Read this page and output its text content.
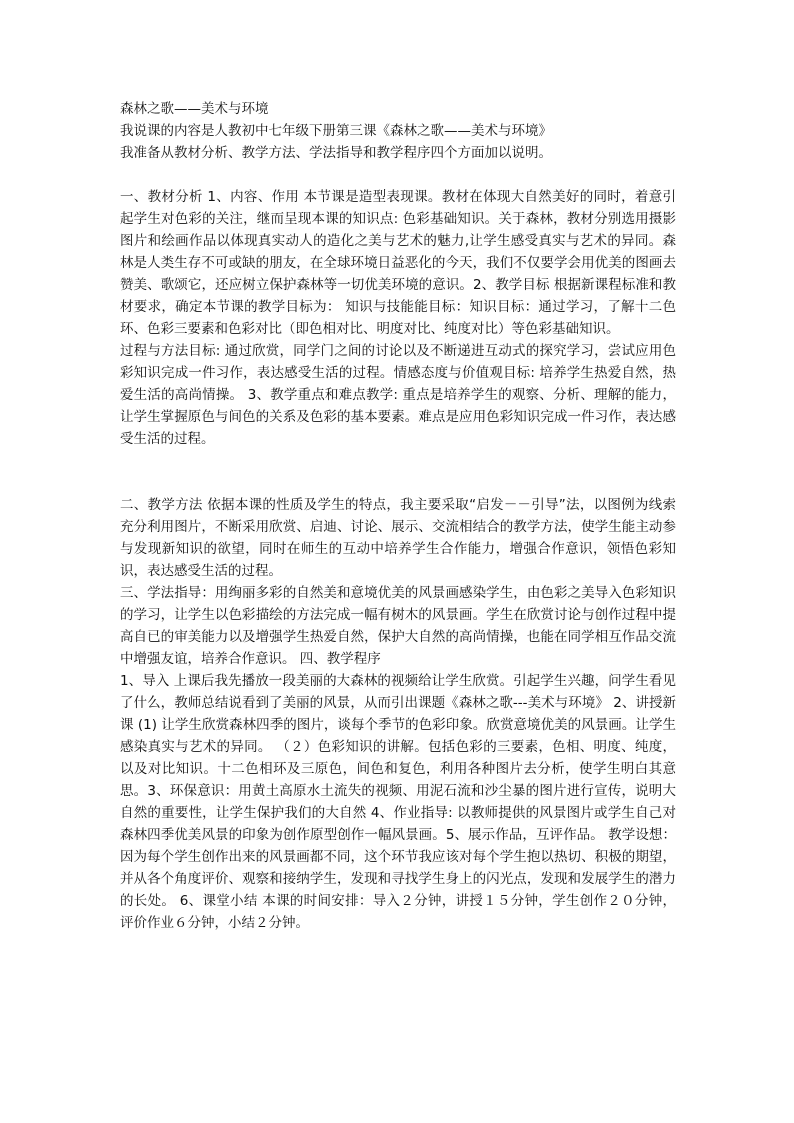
森林之歌——美术与环境
我说课的内容是人教初中七年级下册第三课《森林之歌——美术与环境》
我准备从教材分析、教学方法、学法指导和教学程序四个方面加以说明。
一、教材分析 1、内容、作用 本节课是造型表现课。教材在体现大自然美好的同时，着意引起学生对色彩的关注，继而呈现本课的知识点: 色彩基础知识。关于森林，教材分别选用摄影图片和绘画作品以体现真实动人的造化之美与艺术的魅力,让学生感受真实与艺术的异同。森林是人类生存不可或缺的朋友，在全球环境日益恶化的今天，我们不仅要学会用优美的图画去赞美、歌颂它，还应树立保护森林等一切优美环境的意识。2、教学目标 根据新课程标准和教材要求，确定本节课的教学目标为： 知识与技能能目标：知识目标：通过学习，了解十二色环、色彩三要素和色彩对比（即色相对比、明度对比、纯度对比）等色彩基础知识。
过程与方法目标: 通过欣赏，同学门之间的讨论以及不断递进互动式的探究学习，尝试应用色彩知识完成一件习作，表达感受生活的过程。情感态度与价值观目标: 培养学生热爱自然，热爱生活的高尚情操。 3、教学重点和难点教学: 重点是培养学生的观察、分析、理解的能力，让学生掌握原色与间色的关系及色彩的基本要素。难点是应用色彩知识完成一件习作，表达感受生活的过程。
二、教学方法 依据本课的性质及学生的特点，我主要采取“启发－－引导”法，以图例为线索充分利用图片，不断采用欣赏、启迪、讨论、展示、交流相结合的教学方法，使学生能主动参与发现新知识的欲望，同时在师生的互动中培养学生合作能力，增强合作意识，领悟色彩知识，表达感受生活的过程。
三、学法指导：用绚丽多彩的自然美和意境优美的风景画感染学生，由色彩之美导入色彩知识的学习，让学生以色彩描绘的方法完成一幅有树木的风景画。学生在欣赏讨论与创作过程中提高自已的审美能力以及增强学生热爱自然，保护大自然的高尚情操，也能在同学相互作品交流中增强友谊，培养合作意识。 四、教学程序
1、导入 上课后我先播放一段美丽的大森林的视频给让学生欣赏。引起学生兴趣，问学生看见了什么，教师总结说看到了美丽的风景，从而引出课题《森林之歌---美术与环境》 2、讲授新课 (1) 让学生欣赏森林四季的图片，谈每个季节的色彩印象。欣赏意境优美的风景画。让学生感染真实与艺术的异同。 （２）色彩知识的讲解。包括色彩的三要素，色相、明度、纯度，以及对比知识。十二色相环及三原色，间色和复色，利用各种图片去分析，使学生明白其意思。3、环保意识：用黄土高原水土流失的视频、用泥石流和沙尘暴的图片进行宣传，说明大自然的重要性，让学生保护我们的大自然 4、作业指导: 以教师提供的风景图片或学生自己对森林四季优美风景的印象为创作原型创作一幅风景画。5、展示作品，互评作品。 教学设想：因为每个学生创作出来的风景画都不同，这个环节我应该对每个学生抱以热切、积极的期望，并从各个角度评价、观察和接纳学生，发现和寻找学生身上的闪光点，发现和发展学生的潜力的长处。 6、课堂小结 本课的时间安排：导入２分钟，讲授１５分钟，学生创作２０分钟，评价作业６分钟，小结２分钟。
